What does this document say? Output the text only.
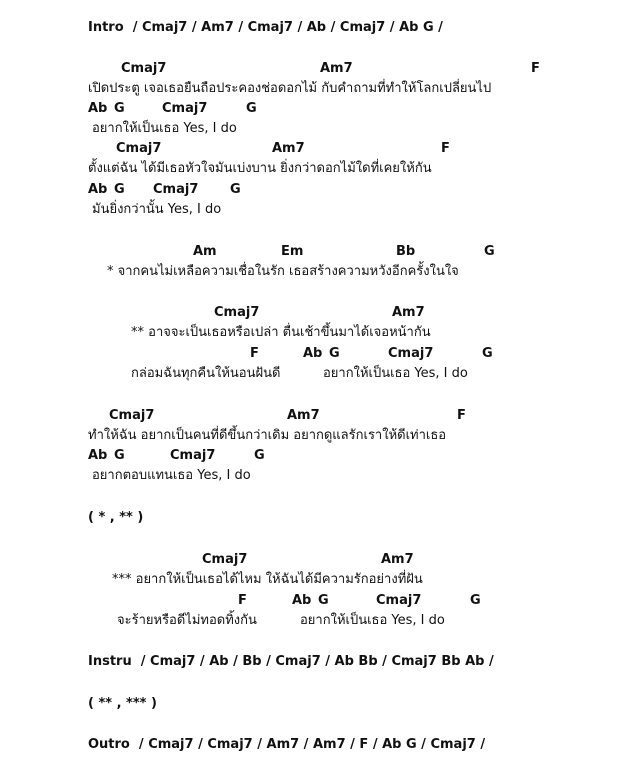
Intro  / Cmaj7 / Am7 / Cmaj7 / Ab / Cmaj7 / Ab G /
Cmaj7	Am7	F
เปิดประตู เจอเธอยืนถือประคองช่อดอกไม้ กับคำถามที่ทำให้โลกเปลี่ยนไป
Ab G	Cmaj7	G
อยากให้เป็นเธอ Yes, I do
Cmaj7	Am7	F
ตั้งแต่ฉัน ได้มีเธอหัวใจมันเบ่งบาน ยิ่งกว่าดอกไม้ใดที่เคยให้กัน
Ab G Cmaj7 G
มันยิ่งกว่านั้น Yes, I do
Am	Em	Bb	G
* จากคนไม่เหลือความเชื่อในรัก เธอสร้างความหวังอีกครั้งในใจ
Cmaj7	Am7
** อาจจะเป็นเธอหรือเปล่า ตื่นเช้าขึ้นมาได้เจอหน้ากัน
F	Ab G	Cmaj7	G
กล่อมฉันทุกคืนให้นอนฝันดี	อยากให้เป็นเธอ Yes, I do
Cmaj7	Am7	F
ทำให้ฉัน อยากเป็นคนที่ดีขึ้นกว่าเดิม อยากดูแลรักเราให้ดีเท่าเธอ
Ab G	Cmaj7	G
อยากตอบแทนเธอ Yes, I do
( * , ** )
Cmaj7	Am7
*** อยากให้เป็นเธอได้ไหม ให้ฉันได้มีความรักอย่างที่ฝัน
F	Ab G	Cmaj7	G
จะร้ายหรือดีไม่ทอดทิ้งกัน	อยากให้เป็นเธอ Yes, I do
Instru  / Cmaj7 / Ab / Bb / Cmaj7 / Ab Bb / Cmaj7 Bb Ab /
( ** , *** )
Outro  / Cmaj7 / Cmaj7 / Am7 / Am7 / F / Ab G / Cmaj7 /
